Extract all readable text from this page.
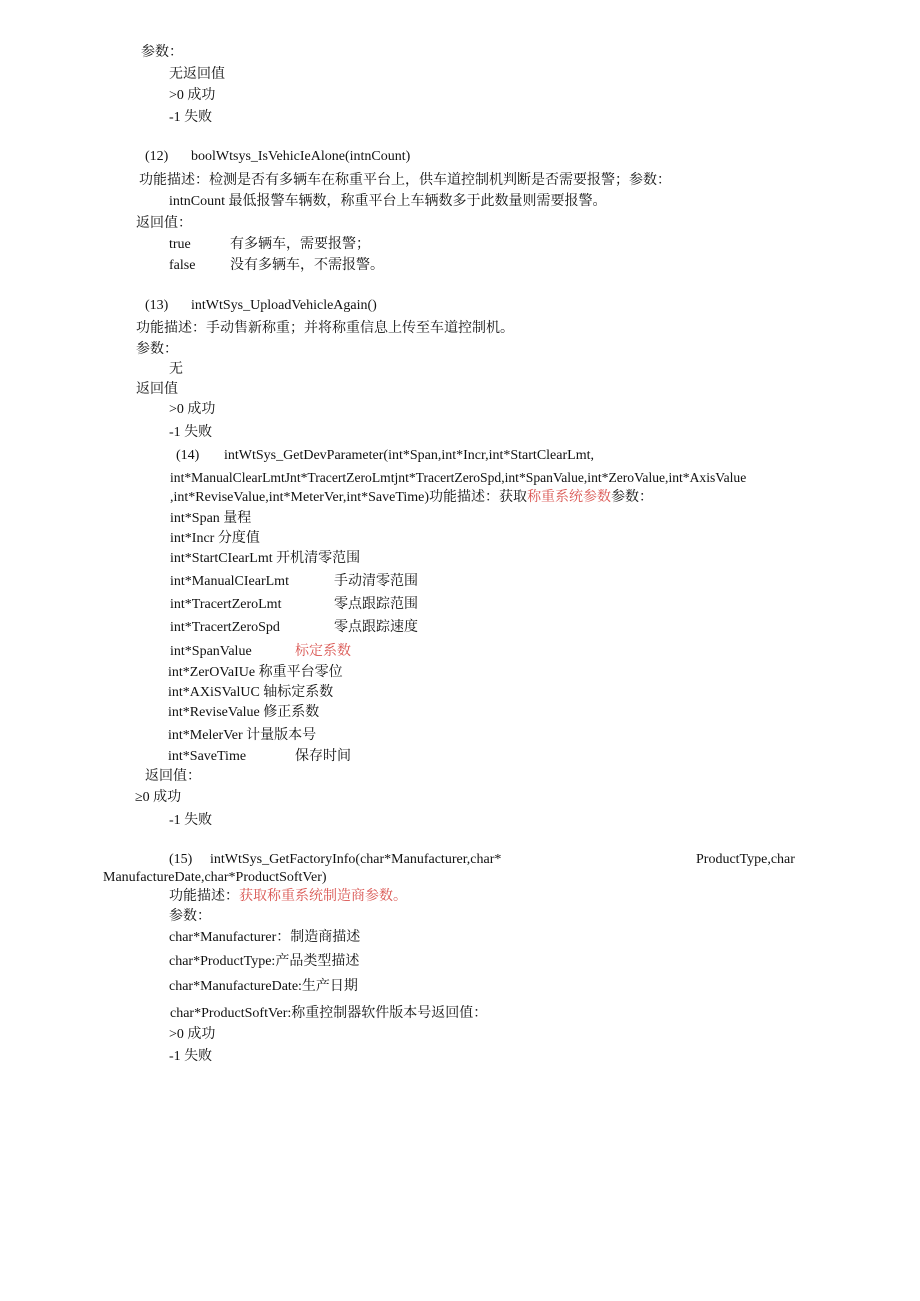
参数：
无返回值
>0 成功
-1 失败
(12) boolWtsys_IsVehicIeAlone(intnCount)
功能描述：检测是否有多辆车在称重平台上，供车道控制机判断是否需要报警；参数：
intnCount 最低报警车辆数，称重平台上车辆数多于此数量则需要报警。
返回值：
true	有多辆车，需要报警；
false 没有多辆车，不需报警。
(13) intWtSys_UploadVehicleAgain()
功能描述：手动售新称重；并将称重信息上传至车道控制机。
参数：
无
返回值
>0 成功
-1 失败
(14) intWtSys_GetDevParameter(int*Span,int*Incr,int*StartClearLmt,
int*ManualClearLmtJnt*TracertZeroLmtjnt*TracertZeroSpd,int*SpanValue,int*ZeroValue,int*AxisValue
,int*ReviseValue,int*MeterVer,int*SaveTime)功能描述：获取称重系统参数参数：
int*Span 量程
int*Incr 分度值
int*StartCIearLmt 开机清零范围
int*ManualCIearLmt	手动清零范围
int*TracertZeroLmt	零点跟踪范围
int*TracertZeroSpd	零点跟踪速度
int*SpanValue	标定系数
int*ZerOVaIUe 称重平台零位
int*AXiSValUC 轴标定系数
int*ReviseValue 修正系数
int*MelerVer 计量版本号
int*SaveTime	保存时间
返回值：
≥0 成功
-1 失败
(15) intWtSys_GetFactoryInfo(char*Manufacturer,char*	ProductType,char
ManufactureDate,char*ProductSoftVer)
功能描述：获取称重系统制造商参数。
参数：
char*Manufacturer：制造商描述
char*ProductType:产品类型描述
char*ManufactureDate:生产日期
char*ProductSoftVer:称重控制器软件版本号返回值：
>0 成功
-1 失败
